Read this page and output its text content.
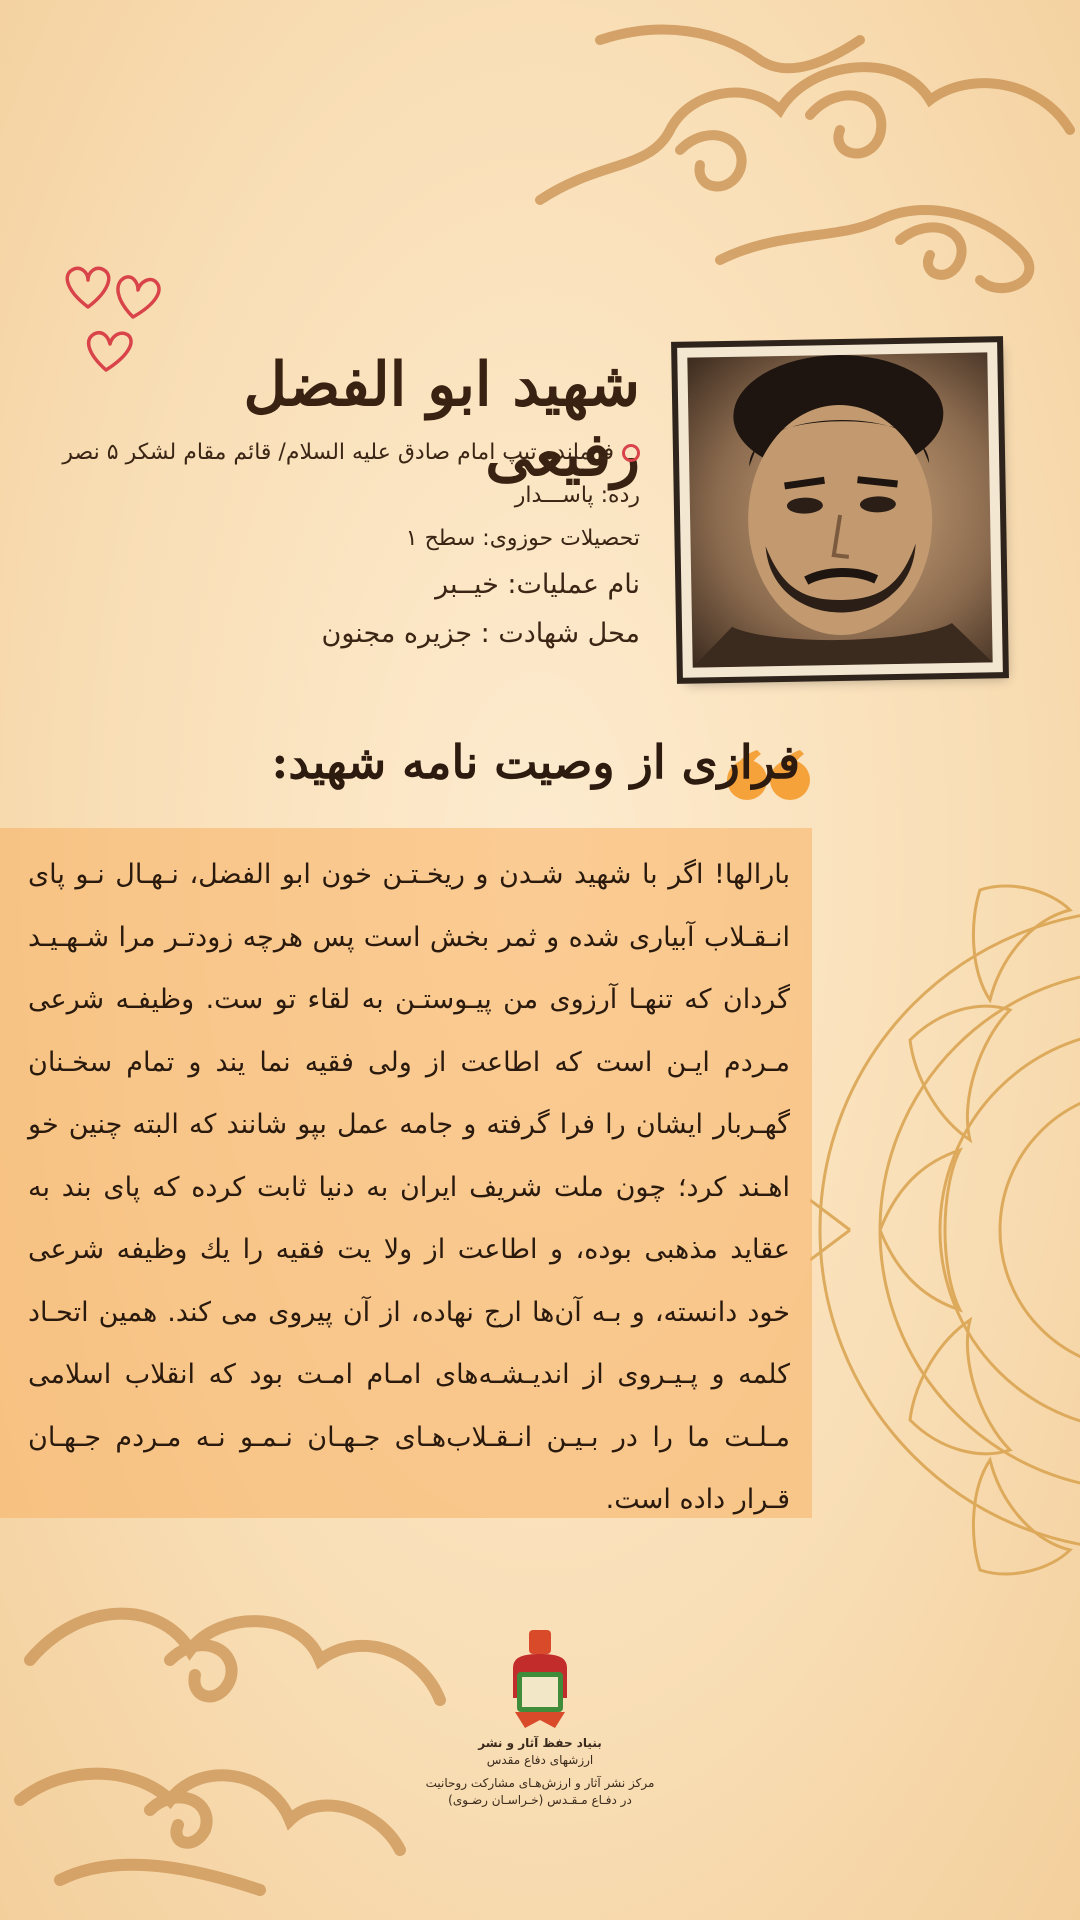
شهید ابو الفضل رفیعی
فرمانده تیپ امام صادق علیه السلام/ قائم مقام لشکر ۵ نصر
رده: پاســـدار
تحصیلات حوزوی: سطح ۱
نام عملیات: خیــبر
محل شهادت : جزیره مجنون
فرازی از وصیت نامه شهید:
بارالها! اگر با شهید شـدن و ریخـتـن خون ابو الفضل، نـهـال نـو پای انـقـلاب آبیاری شده و ثمر بخش است پس هرچه زودتـر مرا شـهـیـد گردان که تنهـا آرزوی من پیـوستـن به لقاء تو ست. وظیفـه شرعی مـردم ایـن است که اطاعت از ولی فقیه نما یند و تمام سخـنان گهـربار ایشان را فرا گرفته و جامه عمل بپو شانند که البته چنین خو اهـند کرد؛ چون ملت شریف ایران به دنیا ثابت کرده که پای بند به عقاید مذهبی بوده، و اطاعت از ولا یت فقیه را یك وظیفه شرعی خود دانسته، و بـه آن‌ها ارج نهاده، از آن پیروی می کند. همین اتحـاد کلمه و پـیـروی از اندیـشـه‌های امـام امـت بود که انقلاب اسلامی مـلـت ما را در بـیـن انـقـلاب‌هـای جـهـان نـمـو نـه مـردم جـهـان قـرار داده است.
بنیاد حفظ آثار و نشر
ارزشهای دفاع مقدس
مرکز نشر آثار و ارزش‌هـای مشارکت روحانیت
در دفـاع مـقـدس (خـراسـان رضـوی)
